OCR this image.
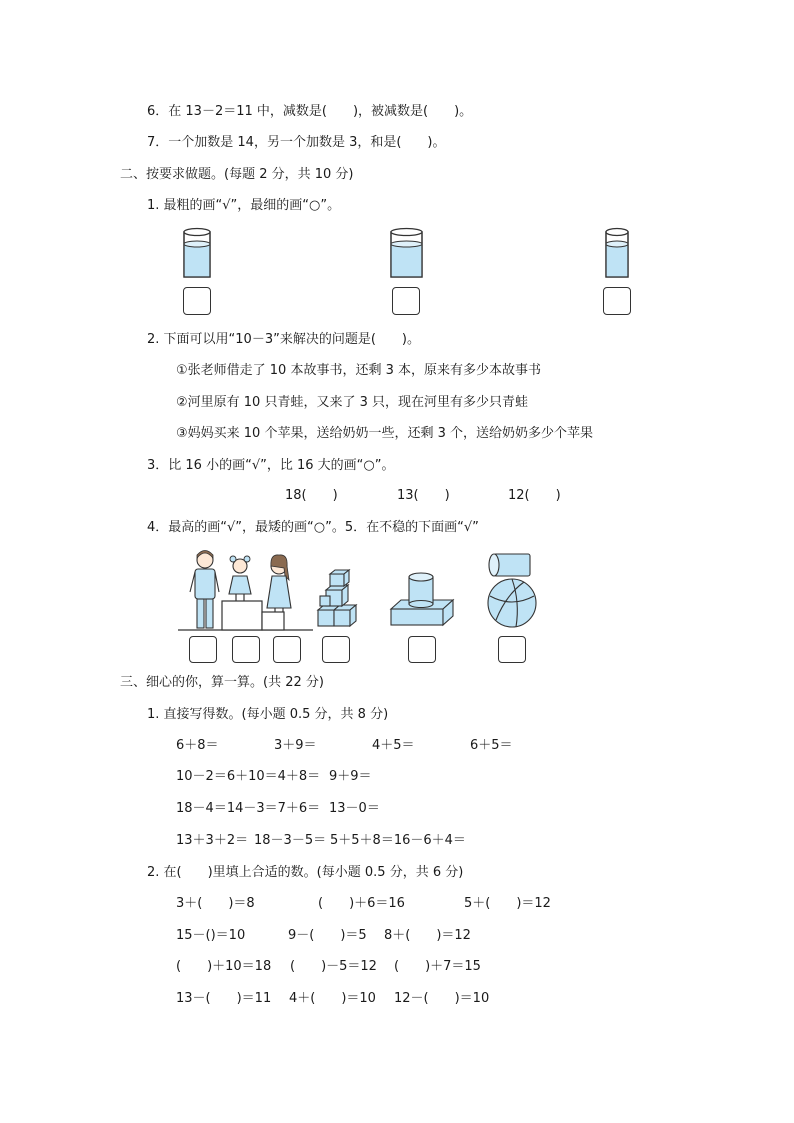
6．在 13－2＝11 中，减数是(　　)，被减数是(　　)。
7．一个加数是 14，另一个加数是 3，和是(　　)。
二、按要求做题。(每题 2 分，共 10 分)
1. 最粗的画“√”，最细的画“○”。
2. 下面可以用“10－3”来解决的问题是(　　)。
①张老师借走了 10 本故事书，还剩 3 本，原来有多少本故事书
②河里原有 10 只青蛙，又来了 3 只，现在河里有多少只青蛙
③妈妈买来 10 个苹果，送给奶奶一些，还剩 3 个，送给奶奶多少个苹果
3．比 16 小的画“√”，比 16 大的画“○”。
18(　　)	13(　　)	12(　　)
4．最高的画“√”，最矮的画“○”。5．在不稳的下面画“√”
三、细心的你，算一算。(共 22 分)
1. 直接写得数。(每小题 0.5 分，共 8 分)
6＋8＝	3＋9＝	4＋5＝	6＋5＝
10－2＝6＋10＝4＋8＝ 9＋9＝
18－4＝14－3＝7＋6＝ 13－0＝
13＋3＋2＝ 18－3－5＝ 5＋5＋8＝16－6＋4＝
2. 在(　　)里填上合适的数。(每小题 0.5 分，共 6 分)
3＋(　　)＝8	(　　)＋6＝16	5＋(　　)＝12
15－()＝10	9－(　　)＝5 8＋(　　)＝12
(　　)＋10＝18 (　　)－5＝12 (　　)＋7＝15
13－(　　)＝11 4＋(　　)＝10 12－(　　)＝10
